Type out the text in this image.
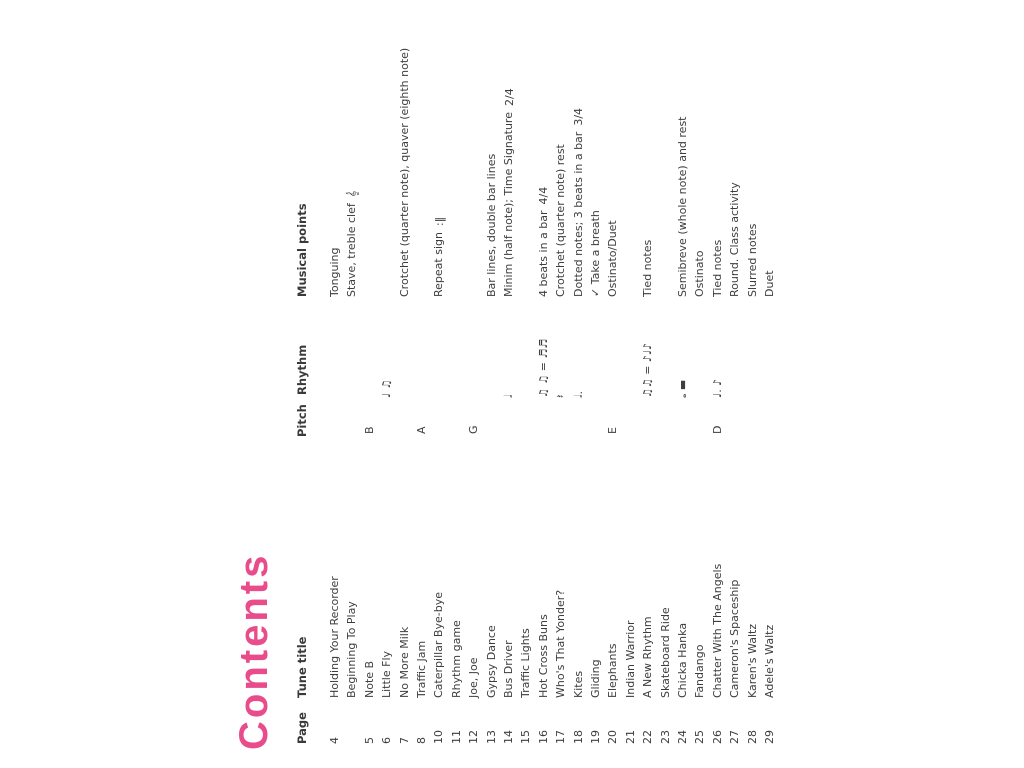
Contents Page
Tune title
Pitch
Rhythm
Musical points
4
Holding Your Recorder
Tonguing
Beginning To Play
Stave, treble clef𝄞
5
Note B
B
6
Little Fly
♩ ♫
7
No More Milk
Crotchet (quarter note), quaver (eighth note)
8
Traffic Jam
A
10
Caterpillar Bye-bye
Repeat sign:‖
11
Rhythm game
12
Joe, Joe
G
13
Gypsy Dance
Bar lines, double bar lines
14
Bus Driver
𝅗𝅥
Minim (half note); Time Signature2/4
15
Traffic Lights
16
Hot Cross Buns
♫ ♫ = ♬♬
4 beats in a bar4/4
17
Who's That Yonder?
𝄽
Crotchet (quarter note) rest
18
Kites
𝅗𝅥.
Dotted notes; 3 beats in a bar3/4
19
Gliding
✓ Take a breath
20
Elephants
E
Ostinato/Duet
21
Indian Warrior
22
A New Rhythm
♫♫ = ♪♩♪
Tied notes
23
Skateboard Ride
24
Chicka Hanka
𝅝 ▬
Semibreve (whole note) and rest
25
Fandango
Ostinato
26
Chatter With The Angels
D
♩. ♪
Tied notes
27
Cameron's Spaceship
Round. Class activity
28
Karen's Waltz
Slurred notes
29
Adele's Waltz
Duet
